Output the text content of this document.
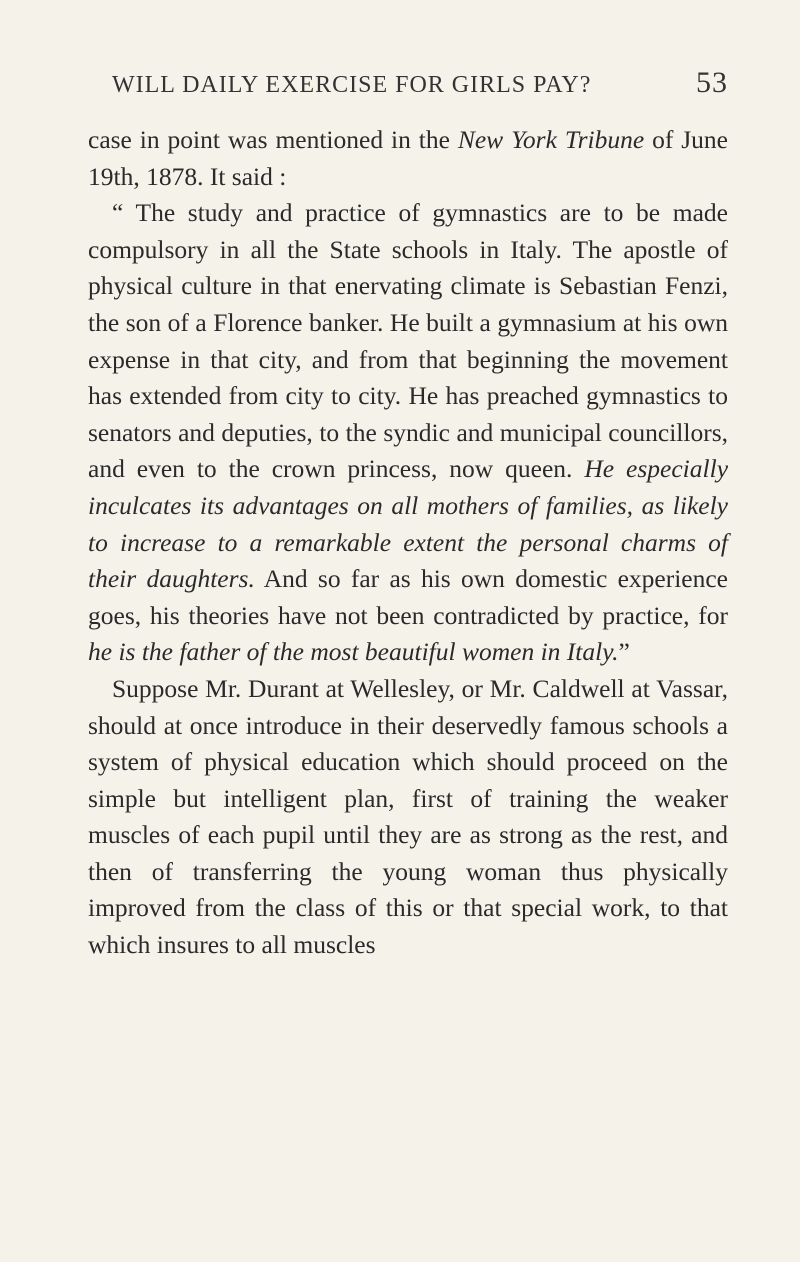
WILL DAILY EXERCISE FOR GIRLS PAY?	53

case in point was mentioned in the New York Tribune of June 19th, 1878. It said :

“ The study and practice of gymnastics are to be made compulsory in all the State schools in Italy. The apostle of physical culture in that enervating climate is Sebastian Fenzi, the son of a Florence banker. He built a gymnasium at his own expense in that city, and from that beginning the movement has extended from city to city. He has preached gymnastics to senators and deputies, to the syndic and municipal councillors, and even to the crown princess, now queen. He especially inculcates its advantages on all mothers of families, as likely to increase to a remarkable extent the personal charms of their daughters. And so far as his own domestic experience goes, his theories have not been contradicted by practice, for he is the father of the most beautiful women in Italy.”

Suppose Mr. Durant at Wellesley, or Mr. Caldwell at Vassar, should at once introduce in their deservedly famous schools a system of physical education which should proceed on the simple but intelligent plan, first of training the weaker muscles of each pupil until they are as strong as the rest, and then of transferring the young woman thus physically improved from the class of this or that special work, to that which insures to all muscles
